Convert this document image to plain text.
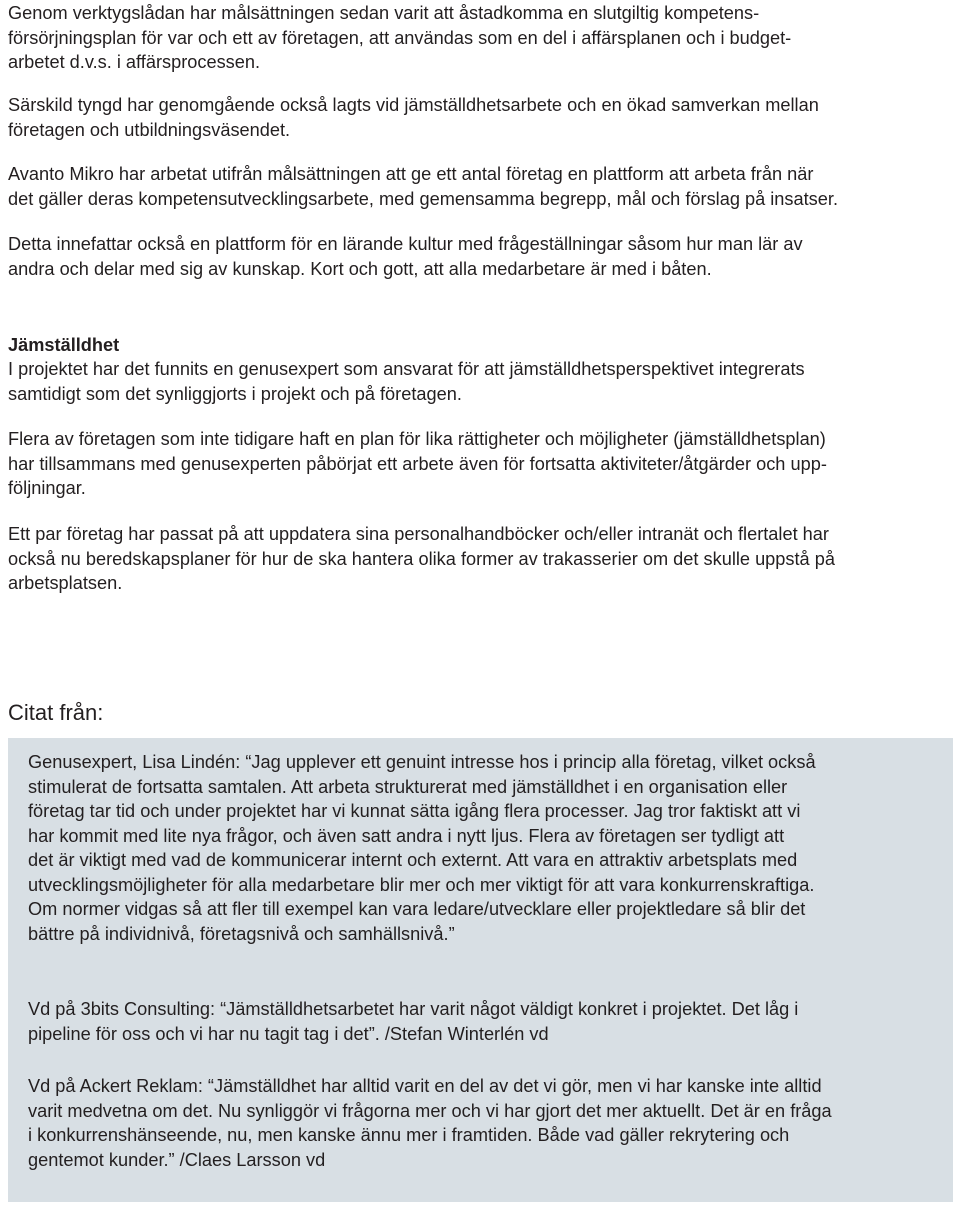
Genom verktygslådan har målsättningen sedan varit att åstadkomma en slutgiltig kompetens-
försörjningsplan för var och ett av företagen, att användas som en del i affärsplanen och i budget-
arbetet d.v.s. i affärsprocessen.

Särskild tyngd har genomgående också lagts vid jämställdhetsarbete och en ökad samverkan mellan
företagen och utbildningsväsendet.

Avanto Mikro har arbetat utifrån målsättningen att ge ett antal företag en plattform att arbeta från när
det gäller deras kompetensutvecklingsarbete, med gemensamma begrepp, mål och förslag på insatser.

Detta innefattar också en plattform för en lärande kultur med frågeställningar såsom hur man lär av
andra och delar med sig av kunskap. Kort och gott, att alla medarbetare är med i båten.

Jämställdhet

I projektet har det funnits en genusexpert som ansvarat för att jämställdhetsperspektivet integrerats
samtidigt som det synliggjorts i projekt och på företagen.

Flera av företagen som inte tidigare haft en plan för lika rättigheter och möjligheter (jämställdhetsplan)
har tillsammans med genusexperten påbörjat ett arbete även för fortsatta aktiviteter/åtgärder och upp-
följningar.

Ett par företag har passat på att uppdatera sina personalhandböcker och/eller intranät och flertalet har
också nu beredskapsplaner för hur de ska hantera olika former av trakasserier om det skulle uppstå på
arbetsplatsen.

Citat från:

Genusexpert, Lisa Lindén: “Jag upplever ett genuint intresse hos i princip alla företag, vilket också
stimulerat de fortsatta samtalen. Att arbeta strukturerat med jämställdhet i en organisation eller
företag tar tid och under projektet har vi kunnat sätta igång flera processer. Jag tror faktiskt att vi
har kommit med lite nya frågor, och även satt andra i nytt ljus. Flera av företagen ser tydligt att
det är viktigt med vad de kommunicerar internt och externt. Att vara en attraktiv arbetsplats med
utvecklingsmöjligheter för alla medarbetare blir mer och mer viktigt för att vara konkurrenskraftiga.
Om normer vidgas så att fler till exempel kan vara ledare/utvecklare eller projektledare så blir det
bättre på individnivå, företagsnivå och samhällsnivå.”

Vd på 3bits Consulting: “Jämställdhetsarbetet har varit något väldigt konkret i projektet. Det låg i
pipeline för oss och vi har nu tagit tag i det”. /Stefan Winterlén vd

Vd på Ackert Reklam: “Jämställdhet har alltid varit en del av det vi gör, men vi har kanske inte alltid
varit medvetna om det. Nu synliggör vi frågorna mer och vi har gjort det mer aktuellt. Det är en fråga
i konkurrenshänseende, nu, men kanske ännu mer i framtiden. Både vad gäller rekrytering och
gentemot kunder.” /Claes Larsson vd
